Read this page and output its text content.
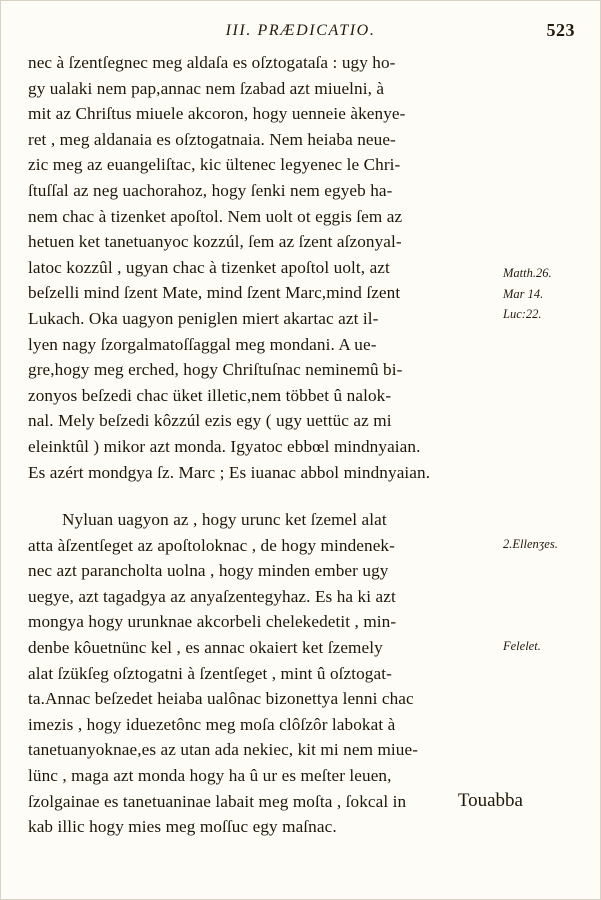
III. PRÆDICATIO.	523

nec à ſzentſegnec meg aldaſa es oſztogataſa : ugy ho-
gy ualaki nem pap,annac nem ſzabad azt miuelni, à
mit az Chriſtus miuele akcoron, hogy uenneie àkenye-
ret , meg aldanaia es oſztogatnaia. Nem heiaba neue-
zic meg az euangeliſtac, kic ültenec legyenec le Chri-
ſtuſſal az neg uachorahoz, hogy ſenki nem egyeb ha-
nem chac à tizenket apoſtol. Nem uolt ot eggis ſem az
hetuen ket tanetuanyoc kozzúl, ſem az ſzent aſzonyal-
latoc kozzûl , ugyan chac à tizenket apoſtol uolt, azt
beſzelli mind ſzent Mate, mind ſzent Marc,mind ſzent
Lukach. Oka uagyon peniglen miert akartac azt il-
lyen nagy ſzorgalmatoſſaggal meg mondani. A ue-
gre,hogy meg erched, hogy Chriſtuſnac neminemû bi-
zonyos beſzedi chac üket illetic,nem többet û nalok-
nal. Mely beſzedi kôzzúl ezis egy ( ugy uettüc az mi
eleinktûl ) mikor azt monda. Igyatoc ebbœl mindnyaian.
Es azért mondgya ſz. Marc ; Es iuanac abbol mindnyaian.

Nyluan uagyon az , hogy urunc ket ſzemel alat
atta àſzentſeget az apoſtoloknac , de hogy mindenek-
nec azt parancholta uolna , hogy minden ember ugy
uegye, azt tagadgya az anyaſzentegyhaz. Es ha ki azt
mongya hogy urunknae akcorbeli chelekedetit , min-
denbe kôuetnünc kel , es annac okaiert ket ſzemely
alat ſzükſeg oſztogatni à ſzentſeget , mint û oſztogat-
ta.Annac beſzedet heiaba ualônac bizonettya lenni chac
imezis , hogy iduezetônc meg moſa clôſzôr labokat à
tanetuanyoknae,es az utan ada nekiec, kit mi nem miue-
lünc , maga azt monda hogy ha û ur es meſter leuen,
ſzolgainae es tanetuaninae labait meg moſta , ſokcal in
kab illic hogy mies meg moſſuc egy maſnac.

Matth.26.
Mar 14.
Luc:22.
2.Ellenʒes.
Felelet.
Touabba
